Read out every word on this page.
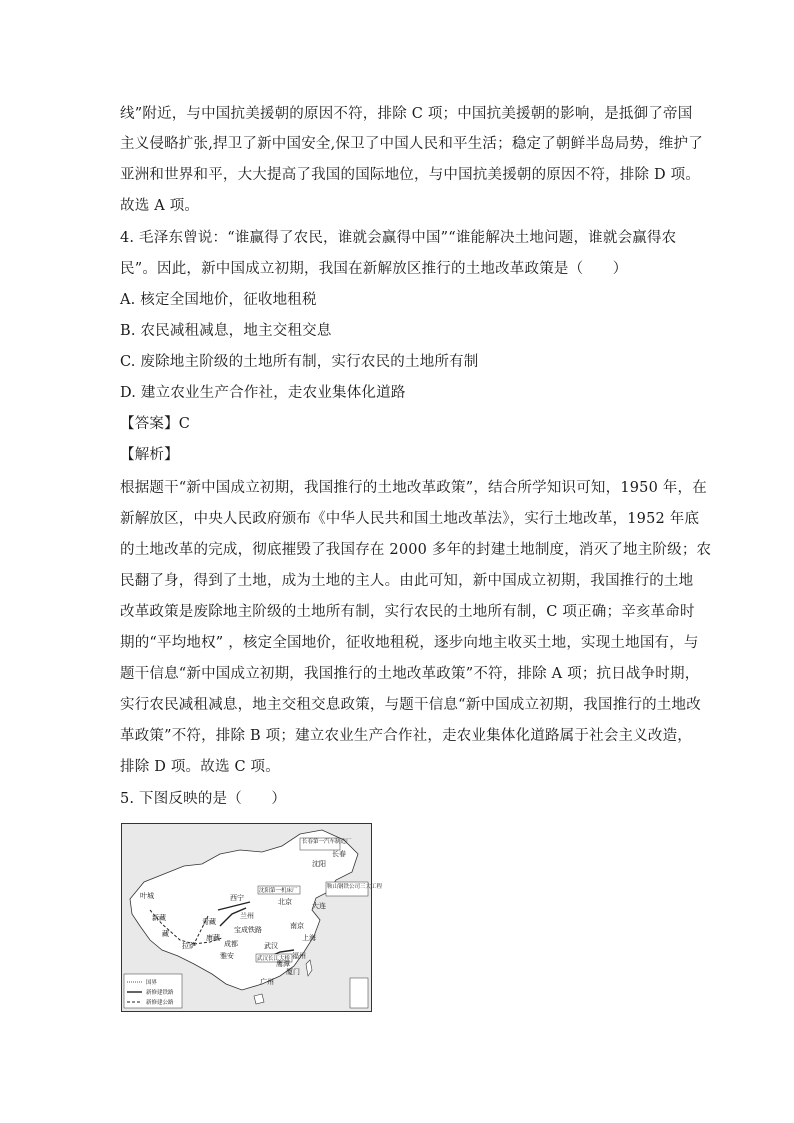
线”附近，与中国抗美援朝的原因不符，排除 C 项；中国抗美援朝的影响，是抵御了帝国
主义侵略扩张,捍卫了新中国安全,保卫了中国人民和平生活；稳定了朝鲜半岛局势，维护了
亚洲和世界和平，大大提高了我国的国际地位，与中国抗美援朝的原因不符，排除 D 项。
故选 A 项。
4. 毛泽东曾说：“谁赢得了农民，谁就会赢得中国”“谁能解决土地问题，谁就会赢得农
民”。因此，新中国成立初期，我国在新解放区推行的土地改革政策是（　　）
A. 核定全国地价，征收地租税
B. 农民减租减息，地主交租交息
C. 废除地主阶级的土地所有制，实行农民的土地所有制
D. 建立农业生产合作社，走农业集体化道路
【答案】C
【解析】
根据题干“新中国成立初期，我国推行的土地改革政策”，结合所学知识可知，1950 年，在
新解放区，中央人民政府颁布《中华人民共和国土地改革法》，实行土地改革，1952 年底
的土地改革的完成，彻底摧毁了我国存在 2000 多年的封建土地制度，消灭了地主阶级；农
民翻了身，得到了土地，成为土地的主人。由此可知，新中国成立初期，我国推行的土地
改革政策是废除地主阶级的土地所有制，实行农民的土地所有制，C 项正确；辛亥革命时
期的“平均地权” ，核定全国地价，征收地租税，逐步向地主收买土地，实现土地国有，与
题干信息“新中国成立初期，我国推行的土地改革政策”不符，排除 A 项；抗日战争时期，
实行农民减租减息，地主交租交息政策，与题干信息“新中国成立初期，我国推行的土地改
革政策”不符，排除 B 项；建立农业生产合作社，走农业集体化道路属于社会主义改造，
排除 D 项。故选 C 项。
5. 下图反映的是（　　）
长春第一汽车制造厂
鞍山钢铁公司三大工程
沈阳第一机床厂
武汉长江大桥
沈阳
长春
北京	大连
西宁
叶城
兰州
拉萨
雅安
成都	武汉
南京
上海
福州
厦门
广州
宝成铁路
鹰潭
康藏
青藏
新藏
藏
国界
新修建铁路
新修建公路
